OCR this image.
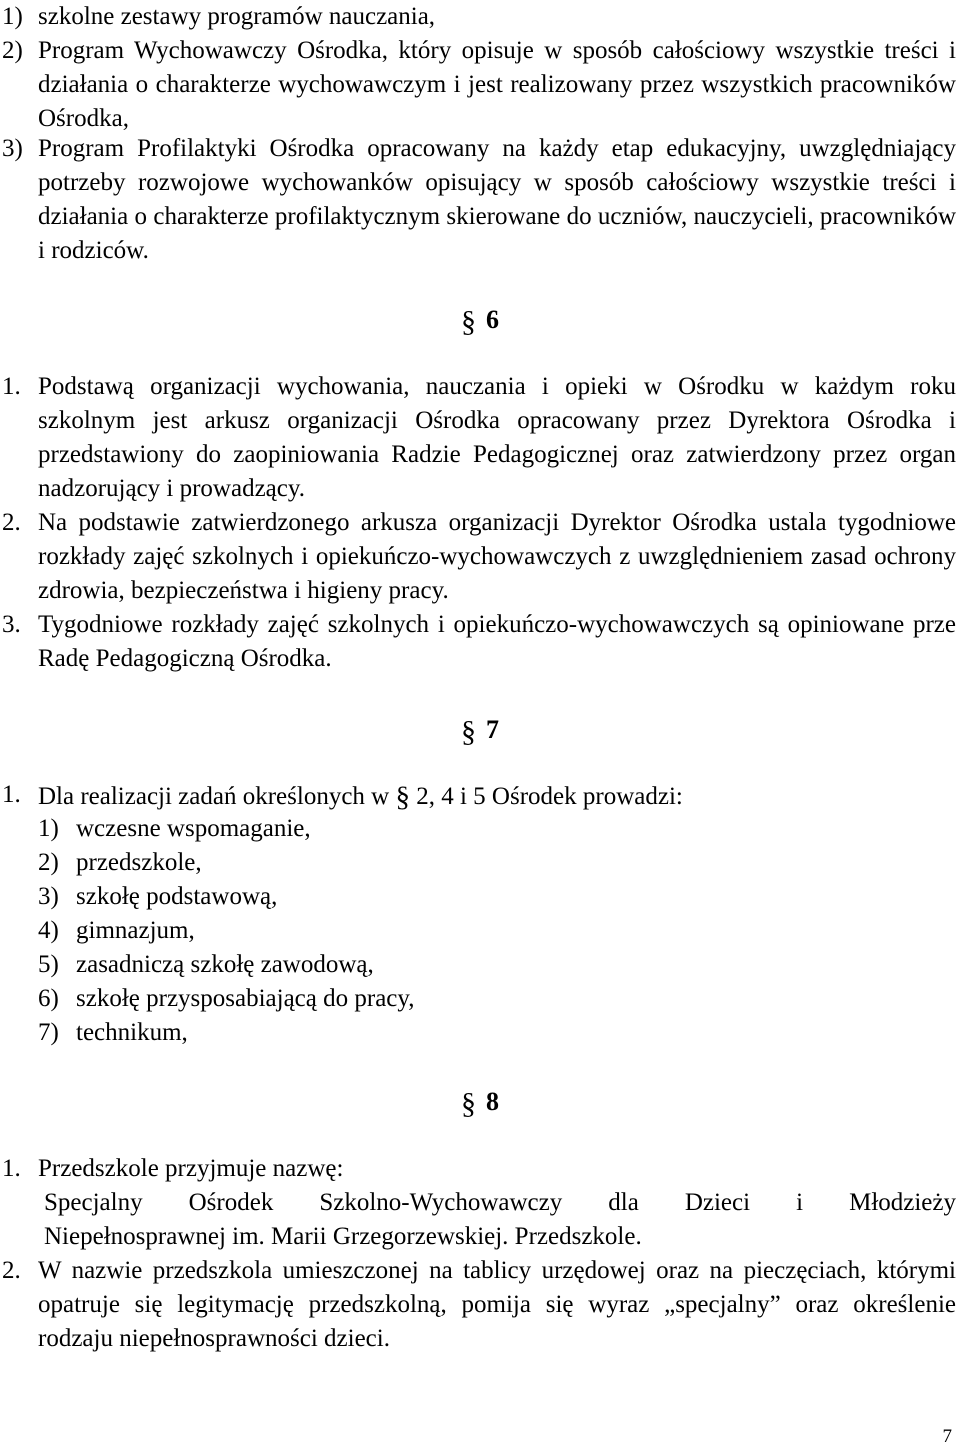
1) szkolne zestawy programów nauczania,
2) Program Wychowawczy Ośrodka, który opisuje w sposób całościowy wszystkie treści i działania o charakterze wychowawczym i jest realizowany przez wszystkich pracowników Ośrodka,
3) Program Profilaktyki Ośrodka opracowany na każdy etap edukacyjny, uwzględniający potrzeby rozwojowe wychowanków opisujący w sposób całościowy wszystkie treści i działania o charakterze profilaktycznym skierowane do uczniów, nauczycieli, pracowników i rodziców.
§ 6
1. Podstawą organizacji wychowania, nauczania i opieki w Ośrodku w każdym roku szkolnym jest arkusz organizacji Ośrodka opracowany przez Dyrektora Ośrodka i przedstawiony do zaopiniowania Radzie Pedagogicznej oraz zatwierdzony przez organ nadzorujący i prowadzący.
2. Na podstawie zatwierdzonego arkusza organizacji Dyrektor Ośrodka ustala tygodniowe rozkłady zajęć szkolnych i opiekuńczo-wychowawczych z uwzględnieniem zasad ochrony zdrowia, bezpieczeństwa i higieny pracy.
3. Tygodniowe rozkłady zajęć szkolnych i opiekuńczo-wychowawczych są opiniowane prze Radę Pedagogiczną Ośrodka.
§ 7
1. Dla realizacji zadań określonych w § 2, 4 i 5 Ośrodek prowadzi:
1) wczesne wspomaganie,
2) przedszkole,
3) szkołę podstawową,
4) gimnazjum,
5) zasadniczą szkołę zawodową,
6) szkołę przysposabiającą do pracy,
7) technikum,
§ 8
1. Przedszkole przyjmuje nazwę:
Specjalny Ośrodek Szkolno-Wychowawczy dla Dzieci i Młodzieży
Niepełnosprawnej im. Marii Grzegorzewskiej. Przedszkole.
2. W nazwie przedszkola umieszczonej na tablicy urzędowej oraz na pieczęciach, którymi opatruje się legitymację przedszkolną, pomija się wyraz „specjalny” oraz określenie rodzaju niepełnosprawności dzieci.
7
